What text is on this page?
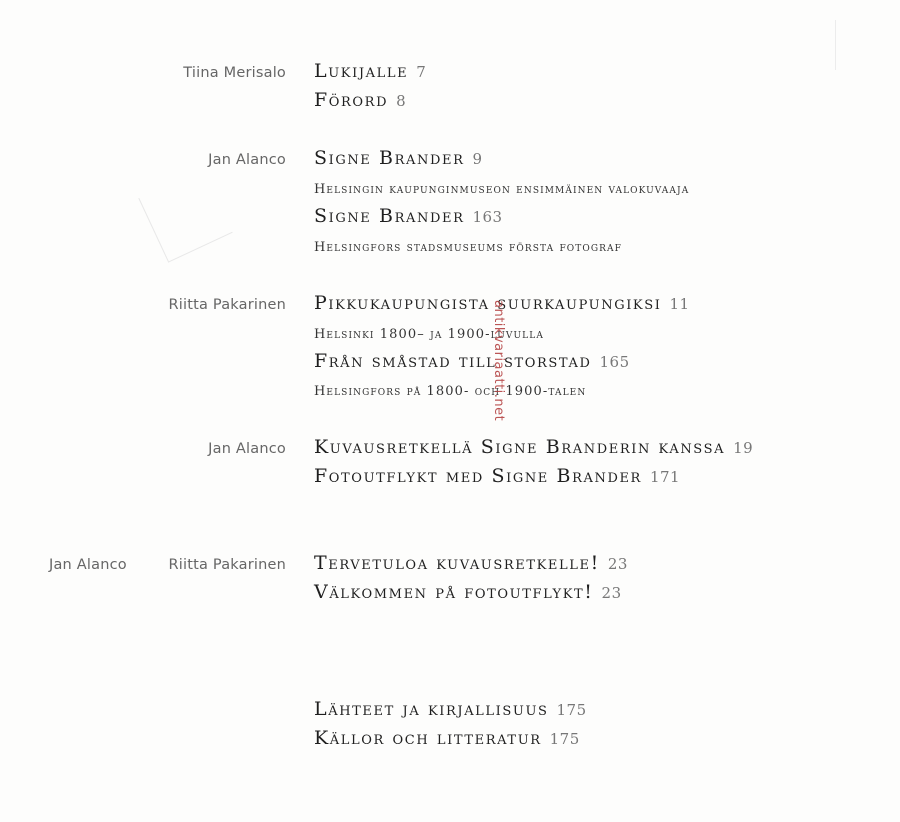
Tiina Merisalo Lukijalle 7
Förord 8
Jan Alanco Signe Brander 9
Helsingin kaupunginmuseon ensimmäinen valokuvaaja
Signe Brander 163
Helsingfors stadsmuseums första fotograf
Riitta Pakarinen Pikkukaupungista suurkaupungiksi 11
Helsinki 1800– ja 1900-luvulla
Från småstad till storstad 165
Helsingfors på 1800- och 1900-talen
Jan Alanco Kuvausretkellä Signe Branderin kanssa 19
Fotoutflykt med Signe Brander 171
Jan Alanco	Riitta Pakarinen Tervetuloa kuvausretkelle! 23
Välkommen på fotoutflykt! 23
Lähteet ja kirjallisuus 175
Källor och litteratur 175
antikvariaatti.net
